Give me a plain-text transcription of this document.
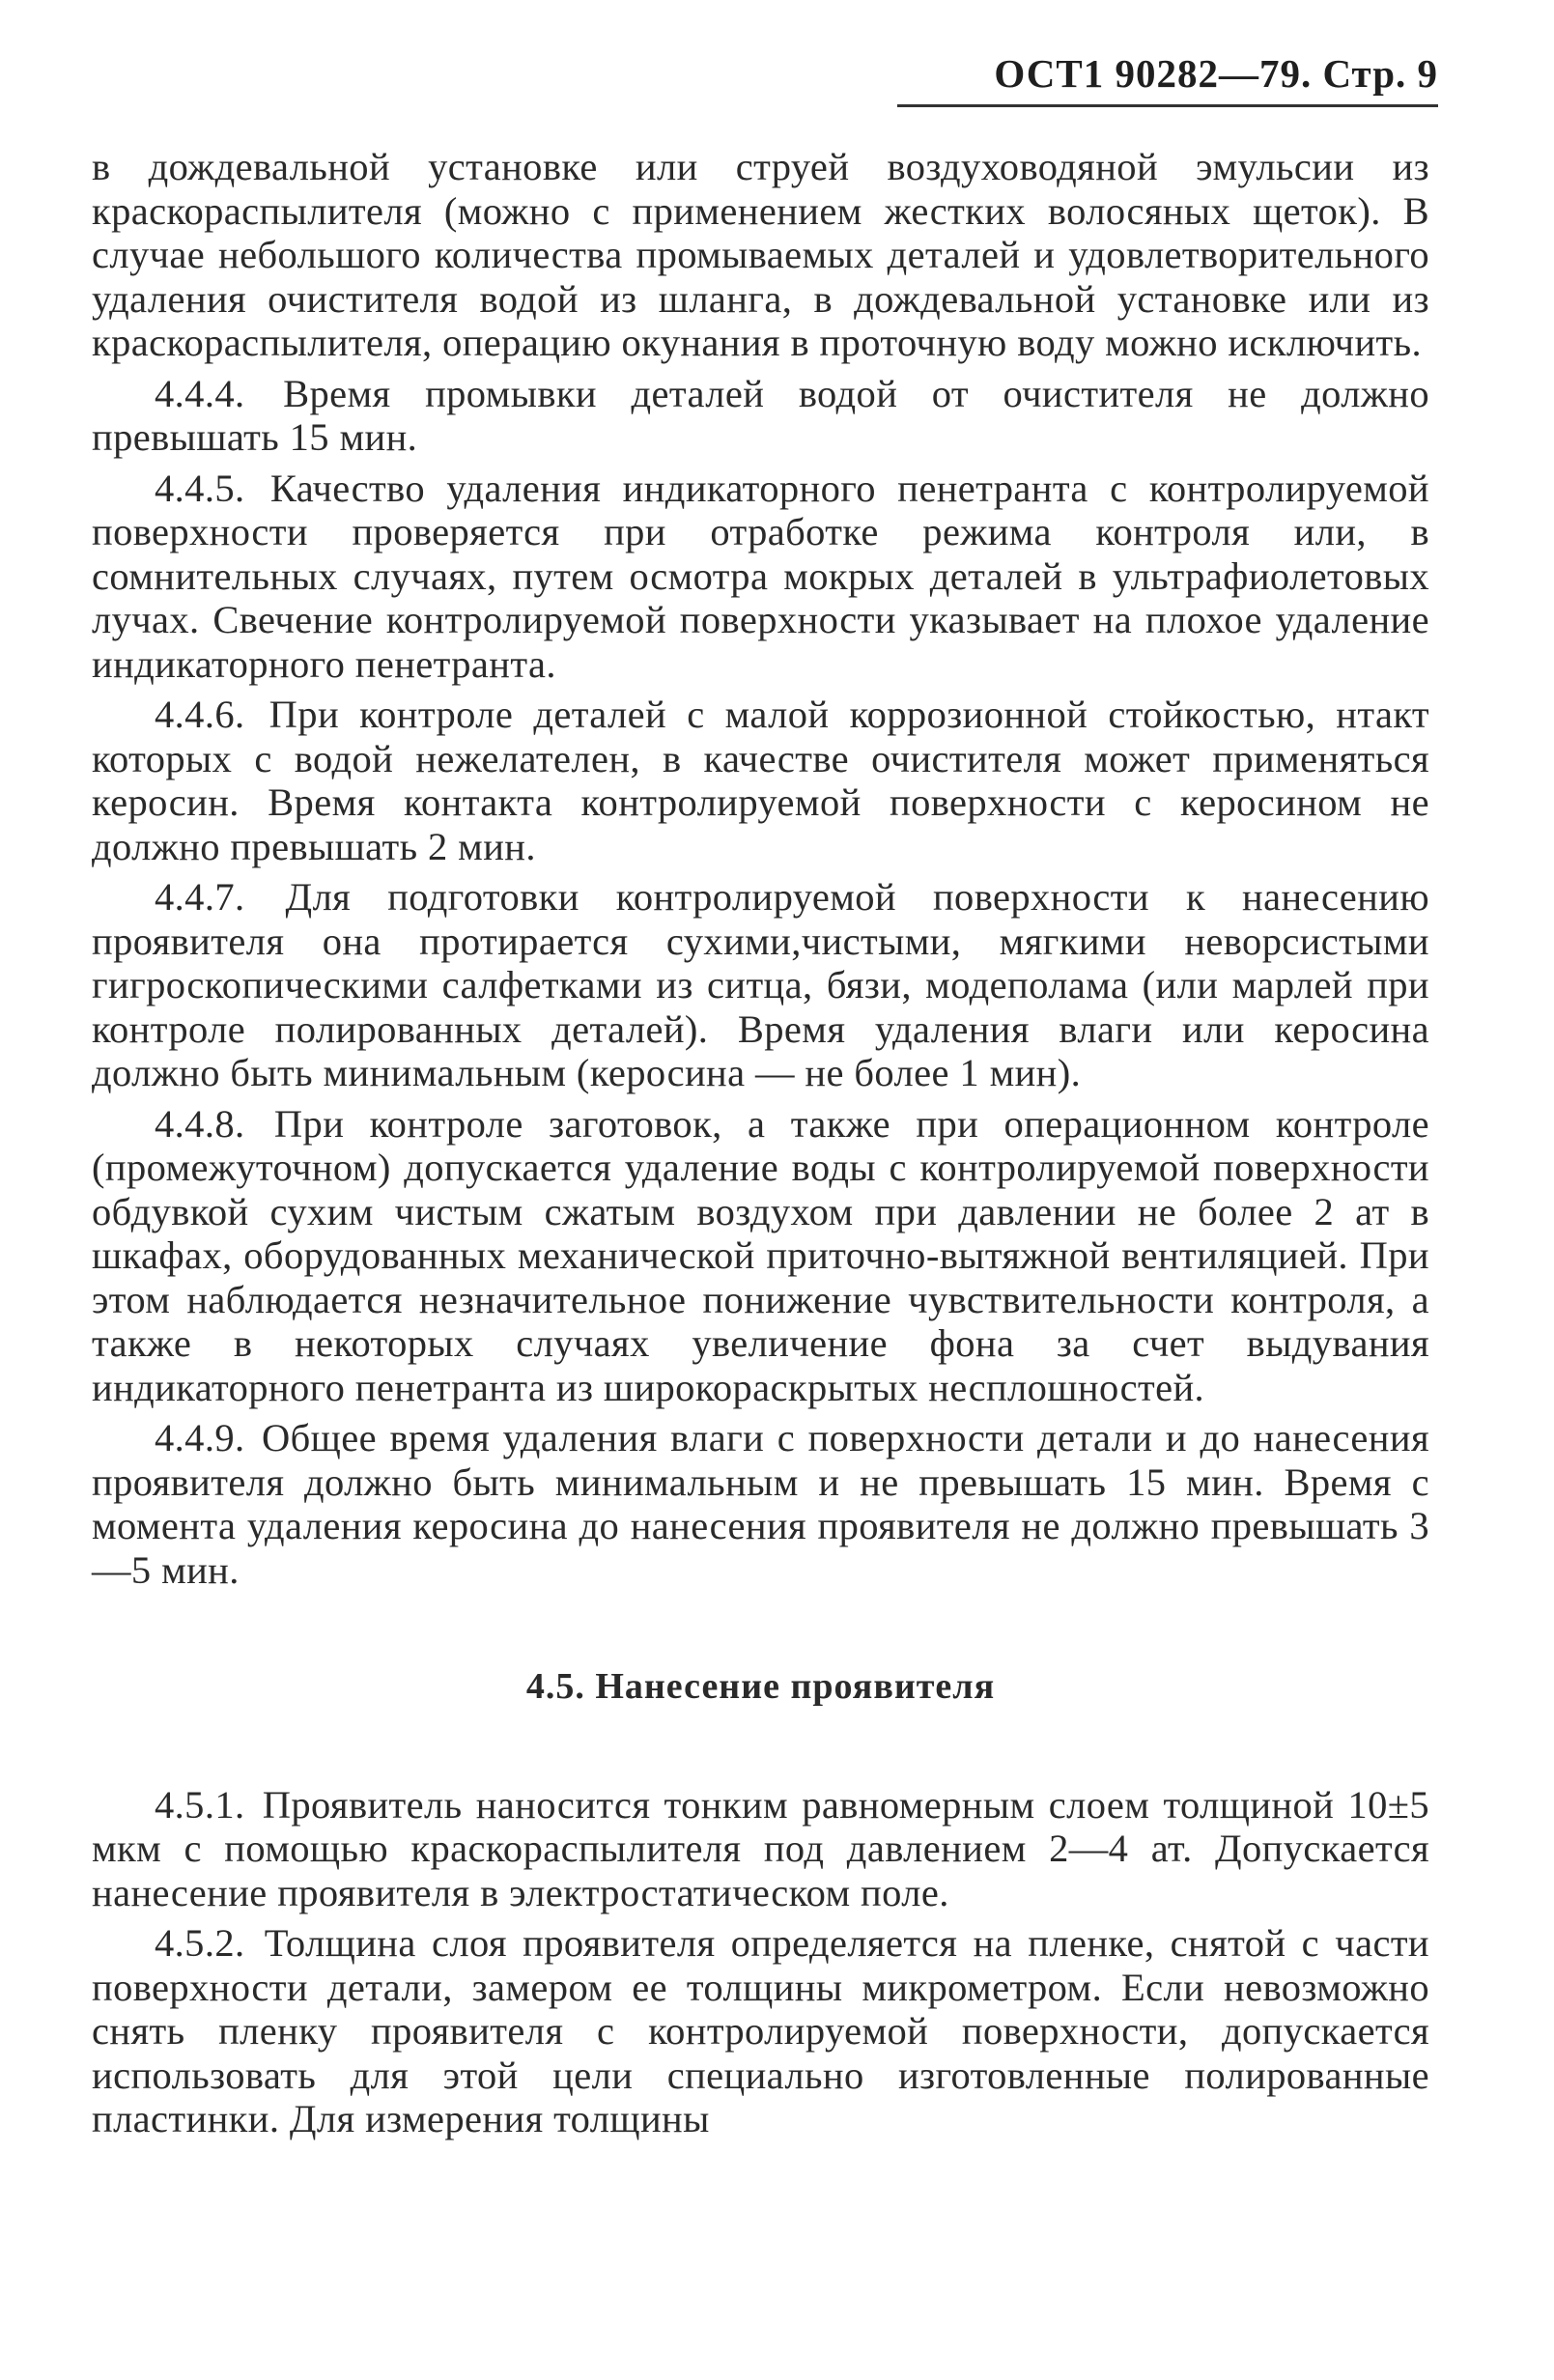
ОСТ1 90282—79. Стр. 9

в дождевальной установке или струей воздуховодяной эмульсии из краскораспылителя (можно с применением жестких волосяных щеток). В случае небольшого количества промываемых деталей и удовлетворительного удаления очистителя водой из шланга, в дождевальной установке или из краскораспылителя, операцию окунания в проточную воду можно исключить.

4.4.4. Время промывки деталей водой от очистителя не должно превышать 15 мин.

4.4.5. Качество удаления индикаторного пенетранта с контролируемой поверхности проверяется при отработке режима контроля или, в сомнительных случаях, путем осмотра мокрых деталей в ультрафиолетовых лучах. Свечение контролируемой поверхности указывает на плохое удаление индикаторного пенетранта.

4.4.6. При контроле деталей с малой коррозионной стойкостью, нтакт которых с водой нежелателен, в качестве очистителя может применяться керосин. Время контакта контролируемой поверхности с керосином не должно превышать 2 мин.

4.4.7. Для подготовки контролируемой поверхности к нанесению проявителя она протирается сухими,чистыми, мягкими неворсистыми гигроскопическими салфетками из ситца, бязи, модеполама (или марлей при контроле полированных деталей). Время удаления влаги или керосина должно быть минимальным (керосина — не более 1 мин).

4.4.8. При контроле заготовок, а также при операционном контроле (промежуточном) допускается удаление воды с контролируемой поверхности обдувкой сухим чистым сжатым воздухом при давлении не более 2 ат в шкафах, оборудованных механической приточно-вытяжной вентиляцией. При этом наблюдается незначительное понижение чувствительности контроля, а также в некоторых случаях увеличение фона за счет выдувания индикаторного пенетранта из широкораскрытых несплошностей.

4.4.9. Общее время удаления влаги с поверхности детали и до нанесения проявителя должно быть минимальным и не превышать 15 мин. Время с момента удаления керосина до нанесения проявителя не должно превышать 3—5 мин.

4.5. Нанесение проявителя

4.5.1. Проявитель наносится тонким равномерным слоем толщиной 10±5 мкм с помощью краскораспылителя под давлением 2—4 ат. Допускается нанесение проявителя в электростатическом поле.

4.5.2. Толщина слоя проявителя определяется на пленке, снятой с части поверхности детали, замером ее толщины микрометром. Если невозможно снять пленку проявителя с контролируемой поверхности, допускается использовать для этой цели специально изготовленные полированные пластинки. Для измерения толщины
